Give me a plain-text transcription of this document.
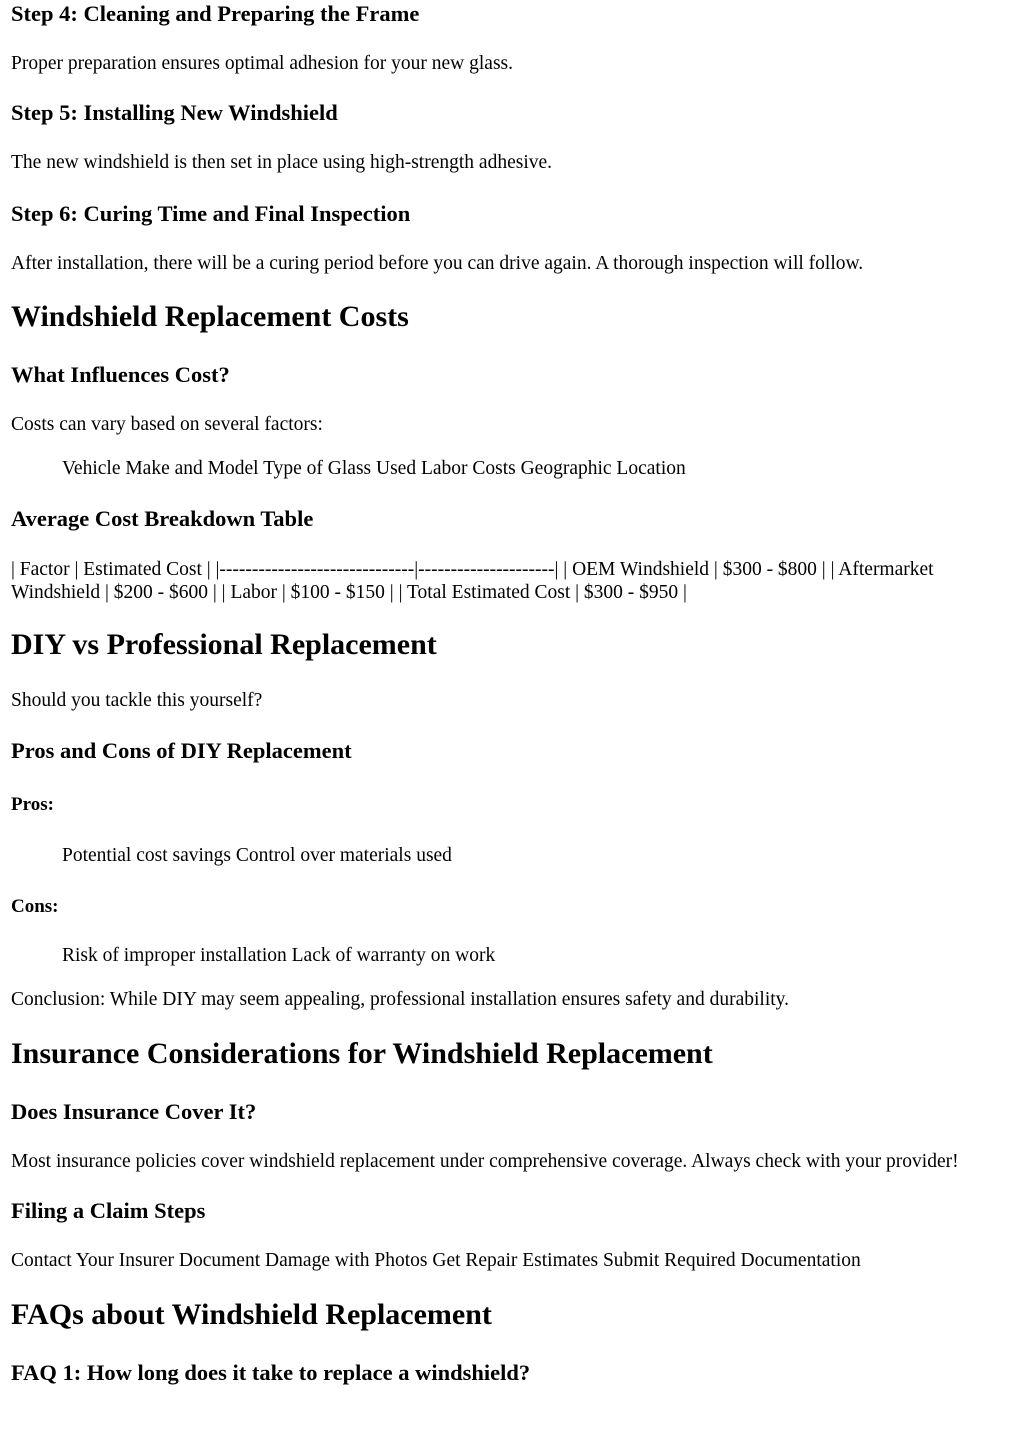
Step 4: Cleaning and Preparing the Frame

Proper preparation ensures optimal adhesion for your new glass.

Step 5: Installing New Windshield

The new windshield is then set in place using high-strength adhesive.

Step 6: Curing Time and Final Inspection

After installation, there will be a curing period before you can drive again. A thorough inspection will follow.

Windshield Replacement Costs
What Influences Cost?

Costs can vary based on several factors:

Vehicle Make and Model Type of Glass Used Labor Costs Geographic Location

Average Cost Breakdown Table

| Factor | Estimated Cost | |------------------------------|---------------------| | OEM Windshield | $300 - $800 | | Aftermarket Windshield | $200 - $600 | | Labor | $100 - $150 | | Total Estimated Cost | $300 - $950 |

DIY vs Professional Replacement

Should you tackle this yourself?

Pros and Cons of DIY Replacement
Pros:

Potential cost savings Control over materials used

Cons:

Risk of improper installation Lack of warranty on work

Conclusion: While DIY may seem appealing, professional installation ensures safety and durability.

Insurance Considerations for Windshield Replacement
Does Insurance Cover It?

Most insurance policies cover windshield replacement under comprehensive coverage. Always check with your provider!

Filing a Claim Steps

Contact Your Insurer Document Damage with Photos Get Repair Estimates Submit Required Documentation

FAQs about Windshield Replacement
FAQ 1: How long does it take to replace a windshield?
